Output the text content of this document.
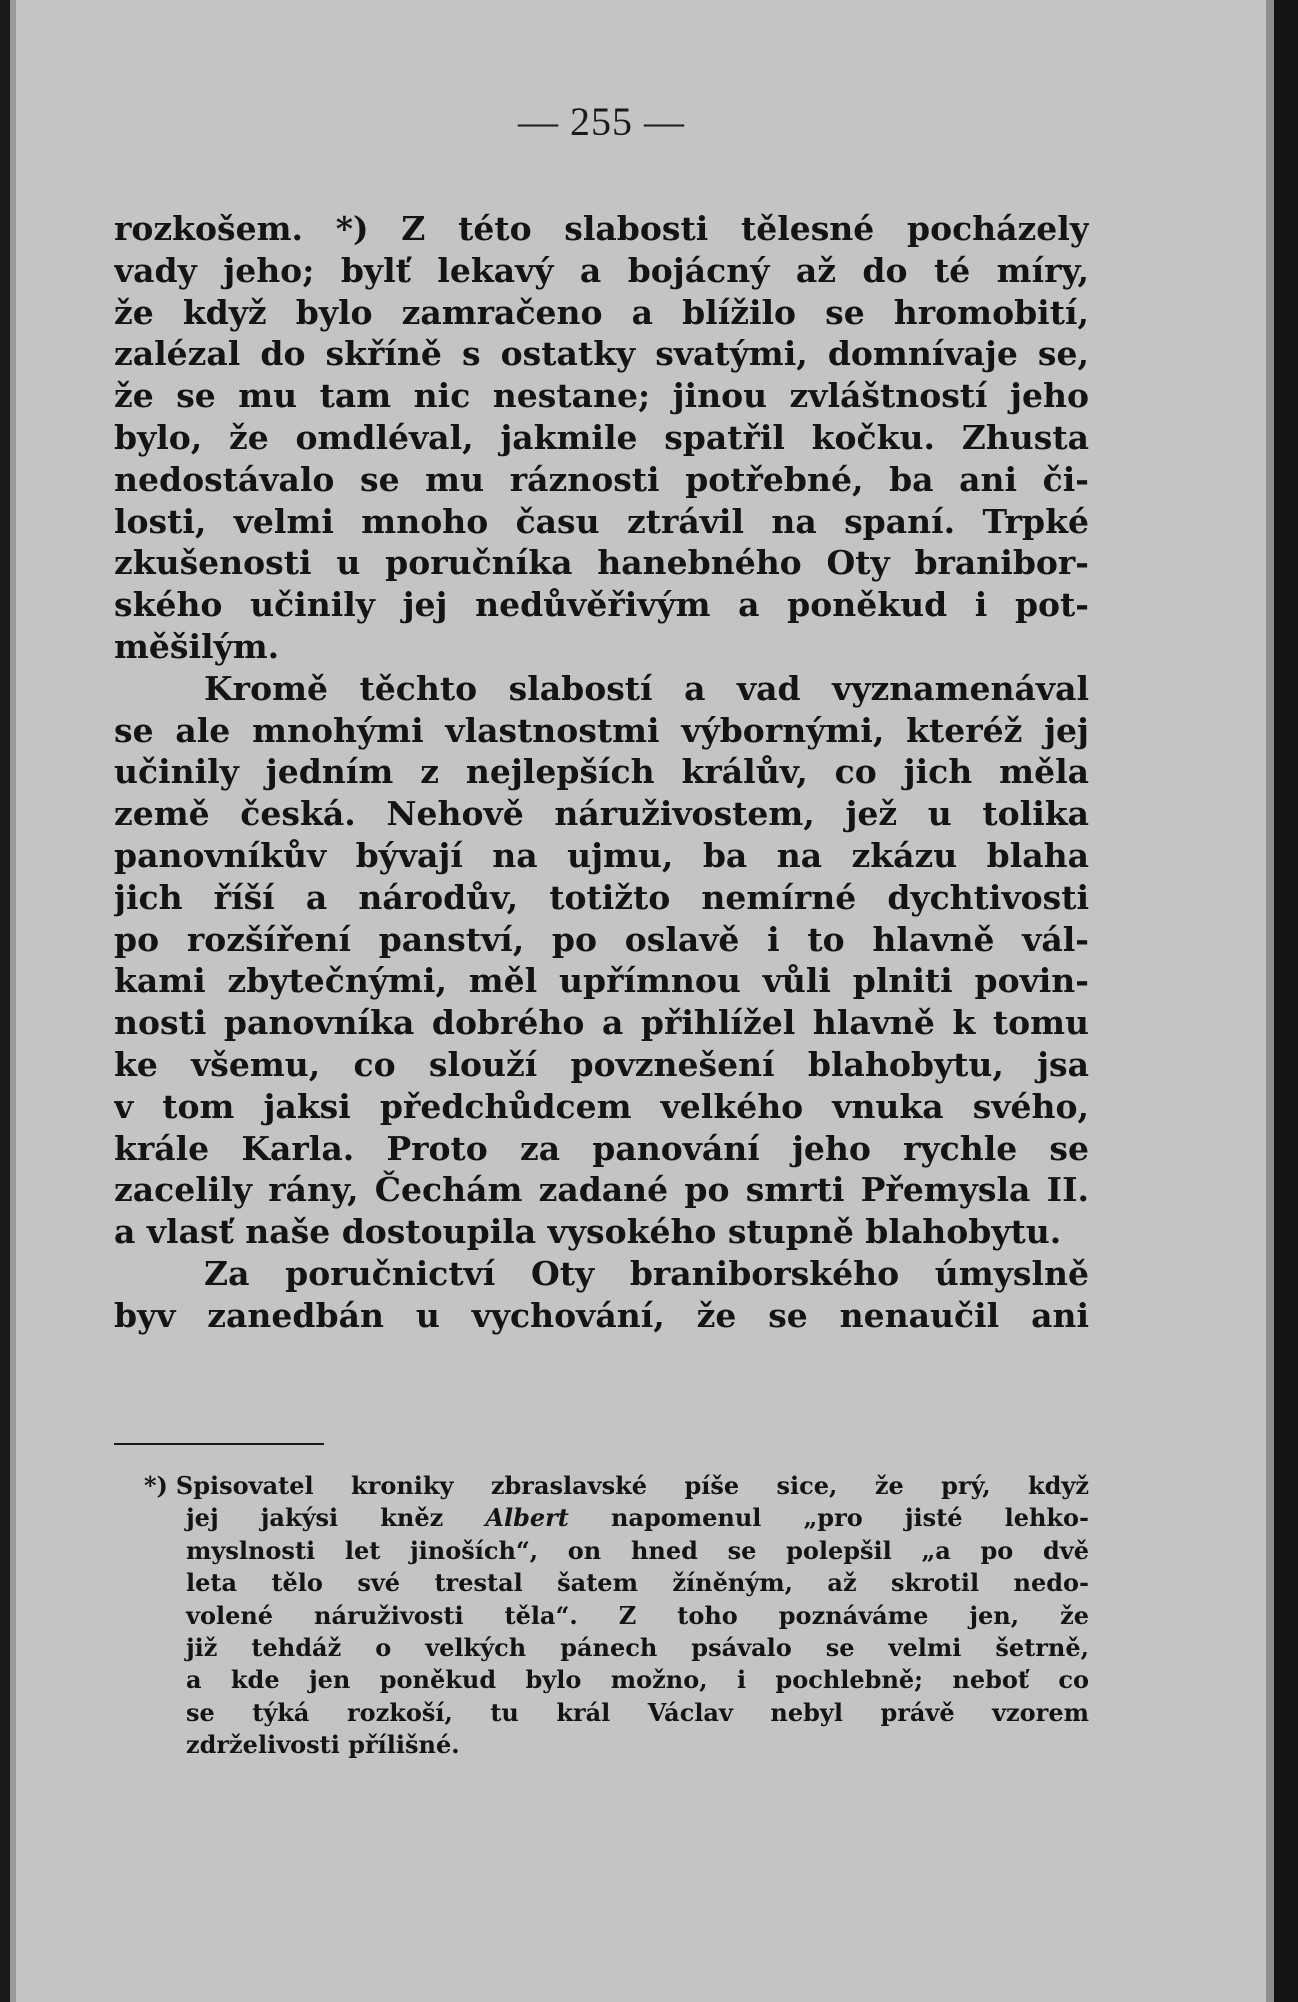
— 255 —
rozkošem. *) Z této slabosti tělesné pocházely
vady jeho; bylť lekavý a bojácný až do té míry,
že když bylo zamračeno a blížilo se hromobití,
zalézal do skříně s ostatky svatými, domnívaje se,
že se mu tam nic nestane; jinou zvláštností jeho
bylo, že omdléval, jakmile spatřil kočku. Zhusta
nedostávalo se mu ráznosti potřebné, ba ani či-
losti, velmi mnoho času ztrávil na spaní. Trpké
zkušenosti u poručníka hanebného Oty branibor-
ského učinily jej nedůvěřivým a poněkud i pot-
měšilým.
Kromě těchto slabostí a vad vyznamenával
se ale mnohými vlastnostmi výbornými, kteréž jej
učinily jedním z nejlepších králův, co jich měla
země česká. Nehově náruživostem, jež u tolika
panovníkův bývají na ujmu, ba na zkázu blaha
jich říší a národův, totižto nemírné dychtivosti
po rozšíření panství, po oslavě i to hlavně vál-
kami zbytečnými, měl upřímnou vůli plniti povin-
nosti panovníka dobrého a přihlížel hlavně k tomu
ke všemu, co slouží povznešení blahobytu, jsa
v tom jaksi předchůdcem velkého vnuka svého,
krále Karla. Proto za panování jeho rychle se
zacelily rány, Čechám zadané po smrti Přemysla II.
a vlasť naše dostoupila vysokého stupně blahobytu.
Za poručnictví Oty braniborského úmyslně
byv zanedbán u vychování, že se nenaučil ani
*) Spisovatel kroniky zbraslavské píše sice, že prý, když
jej jakýsi kněz Albert napomenul „pro jisté lehko-
myslnosti let jinoších“, on hned se polepšil „a po dvě
leta tělo své trestal šatem žíněným, až skrotil nedo-
volené náruživosti těla“. Z toho poznáváme jen, že
již tehdáž o velkých pánech psávalo se velmi šetrně,
a kde jen poněkud bylo možno, i pochlebně; neboť co
se týká rozkoší, tu král Václav nebyl právě vzorem
zdrželivosti přílišné.
